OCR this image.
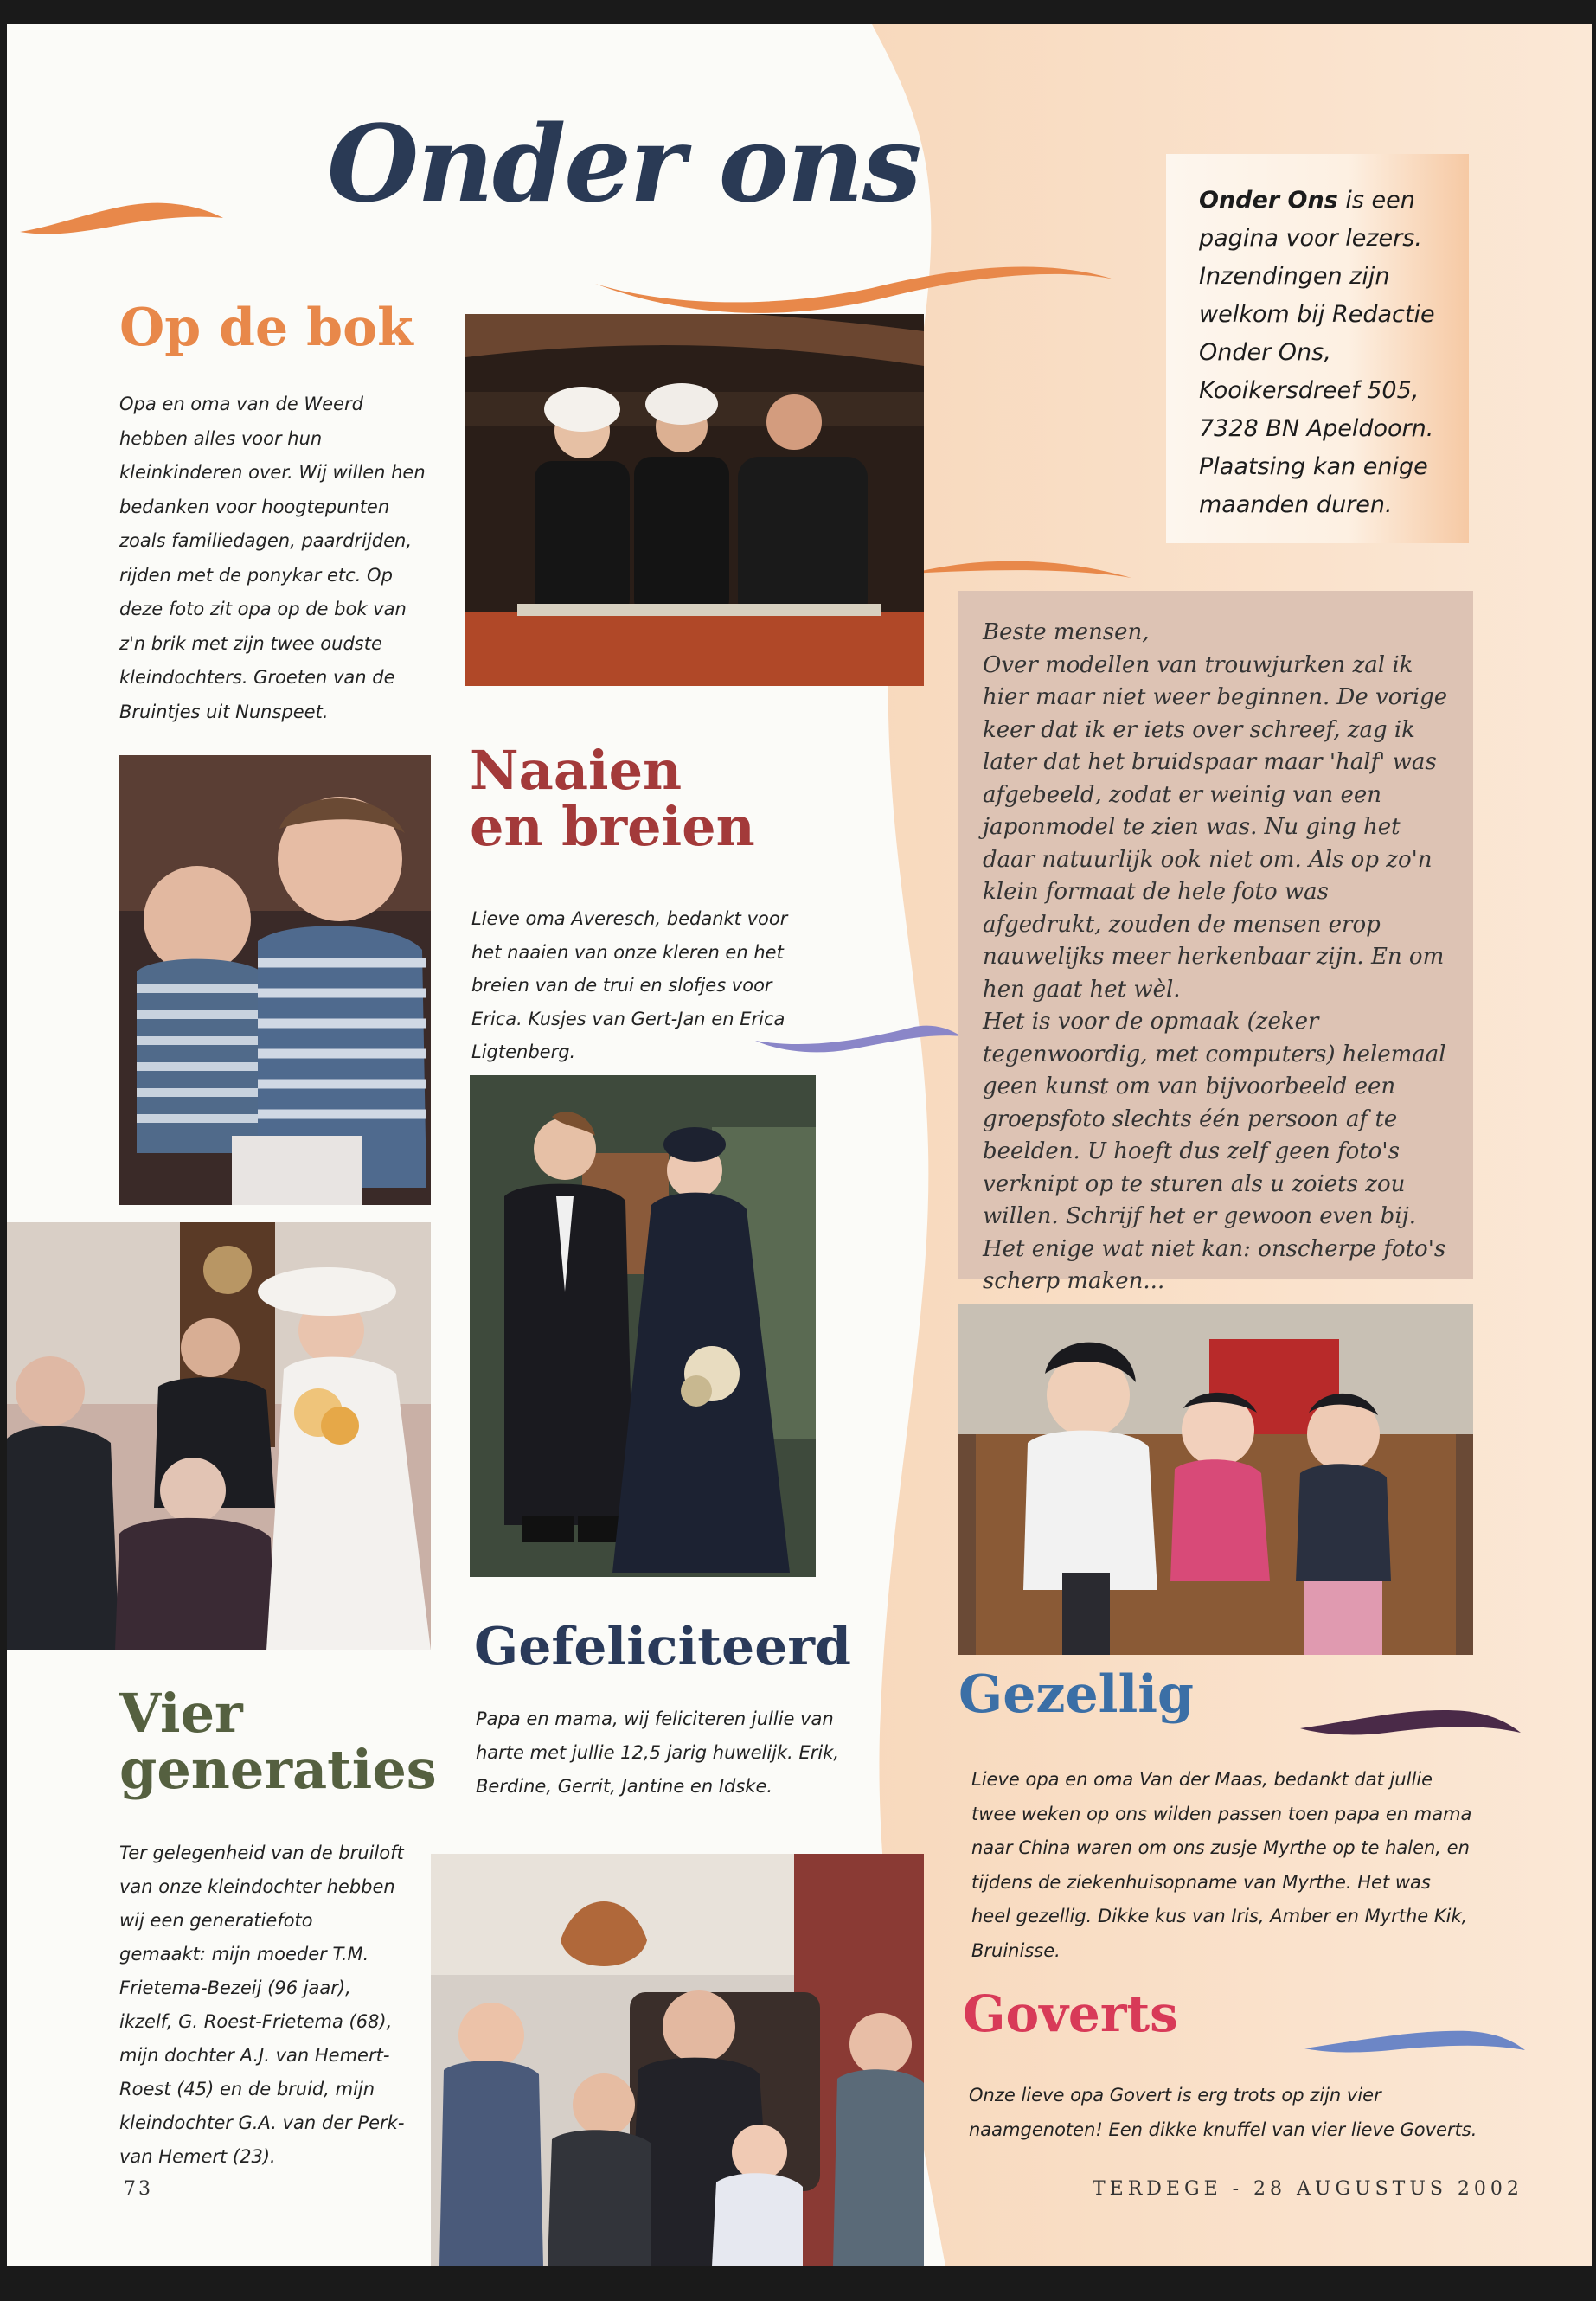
Onder ons	Onder Ons is een pagina voor lezers. Inzendingen zijn welkom bij Redactie Onder Ons, Kooikersdreef 505, 7328 BN Apeldoorn. Plaatsing kan enige maanden duren.

Op de bok

Opa en oma van de Weerd hebben alles voor hun kleinkinderen over. Wij willen hen bedanken voor hoogtepunten zoals familiedagen, paardrijden, rijden met de ponykar etc. Op deze foto zit opa op de bok van z'n brik met zijn twee oudste kleindochters. Groeten van de Bruintjes uit Nunspeet.

Naaien
en breien

Lieve oma Averesch, bedankt voor het naaien van onze kleren en het breien van de trui en slofjes voor Erica. Kusjes van Gert-Jan en Erica Ligtenberg.

Vier
generaties

Ter gelegenheid van de bruiloft van onze kleindochter hebben wij een generatiefoto gemaakt: mijn moeder T.M. Frietema-Bezeij (96 jaar), ikzelf, G. Roest-Frietema (68), mijn dochter A.J. van Hemert-Roest (45) en de bruid, mijn kleindochter G.A. van der Perk-van Hemert (23).

Gefeliciteerd

Papa en mama, wij feliciteren jullie van harte met jullie 12,5 jarig huwelijk. Erik, Berdine, Gerrit, Jantine en Idske.

Beste mensen,

Over modellen van trouwjurken zal ik hier maar niet weer beginnen. De vorige keer dat ik er iets over schreef, zag ik later dat het bruidspaar maar 'half' was afgebeeld, zodat er weinig van een japonmodel te zien was. Nu ging het daar natuurlijk ook niet om. Als op zo'n klein formaat de hele foto was afgedrukt, zouden de mensen erop nauwelijks meer herkenbaar zijn. En om hen gaat het wèl.

Het is voor de opmaak (zeker tegenwoordig, met computers) helemaal geen kunst om van bijvoorbeeld een groepsfoto slechts één persoon af te beelden. U hoeft dus zelf geen foto's verknipt op te sturen als u zoiets zou willen. Schrijf het er gewoon even bij. Het enige wat niet kan: onscherpe foto's scherp maken...

Gezellig

Lieve opa en oma Van der Maas, bedankt dat jullie twee weken op ons wilden passen toen papa en mama naar China waren om ons zusje Myrthe op te halen, en tijdens de ziekenhuisopname van Myrthe. Het was heel gezellig. Dikke kus van Iris, Amber en Myrthe Kik, Bruinisse.

Goverts

Onze lieve opa Govert is erg trots op zijn vier naamgenoten! Een dikke knuffel van vier lieve Goverts.

73	TERDEGE - 28 AUGUSTUS 2002
